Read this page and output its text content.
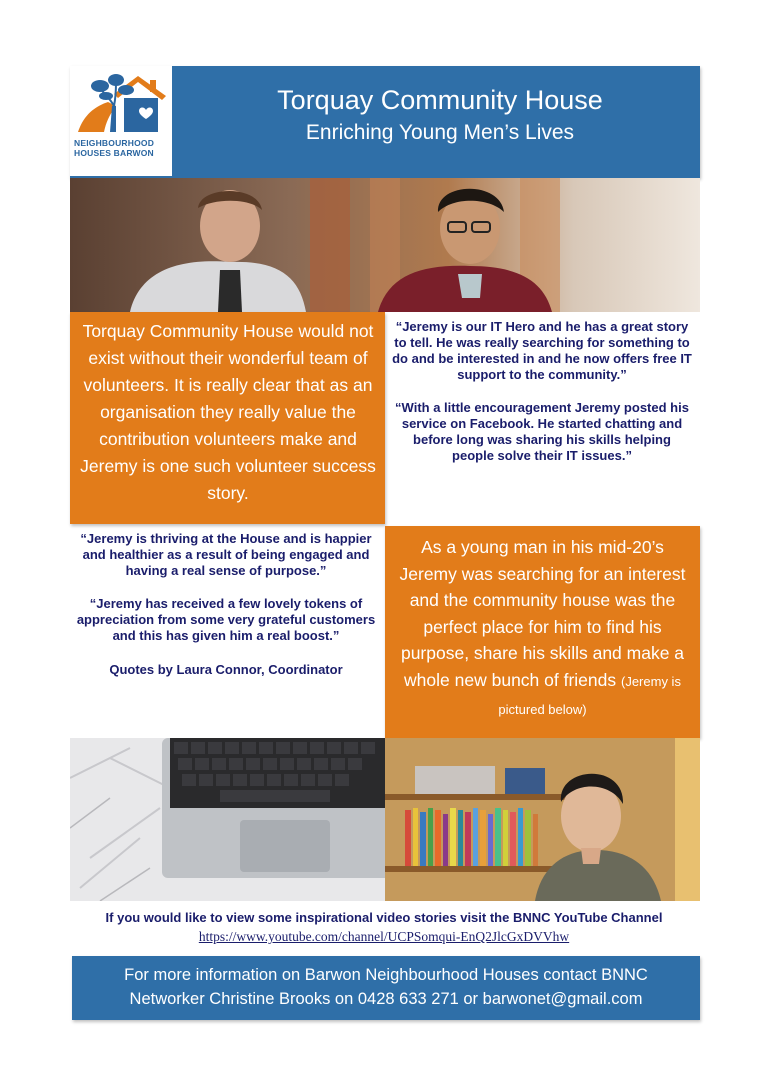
NEIGHBOURHOOD HOUSES BARWON
Torquay Community House
Enriching Young Men’s Lives
Torquay Community House would not exist without their wonderful team of volunteers. It is really clear that as an organisation they really value the contribution volunteers make and Jeremy is one such volunteer success story.

“Jeremy is our IT Hero and he has a great story to tell. He was really searching for something to do and be interested in and he now offers free IT support to the community.”

“With a little encouragement Jeremy posted his service on Facebook. He started chatting and before long was sharing his skills helping people solve their IT issues.”

“Jeremy is thriving at the House and is happier and healthier as a result of being engaged and having a real sense of purpose.”

“Jeremy has received a few lovely tokens of appreciation from some very grateful customers and this has given him a real boost.”

Quotes by Laura Connor, Coordinator

As a young man in his mid-20’s Jeremy was searching for an interest and the community house was the perfect place for him to find his purpose, share his skills and make a whole new bunch of friends (Jeremy is pictured below)
If you would like to view some inspirational video stories visit the BNNC YouTube Channel
https://www.youtube.com/channel/UCPSomqui-EnQ2JlcGxDVVhw
For more information on Barwon Neighbourhood Houses contact BNNC
Networker Christine Brooks on 0428 633 271 or barwonet@gmail.com
